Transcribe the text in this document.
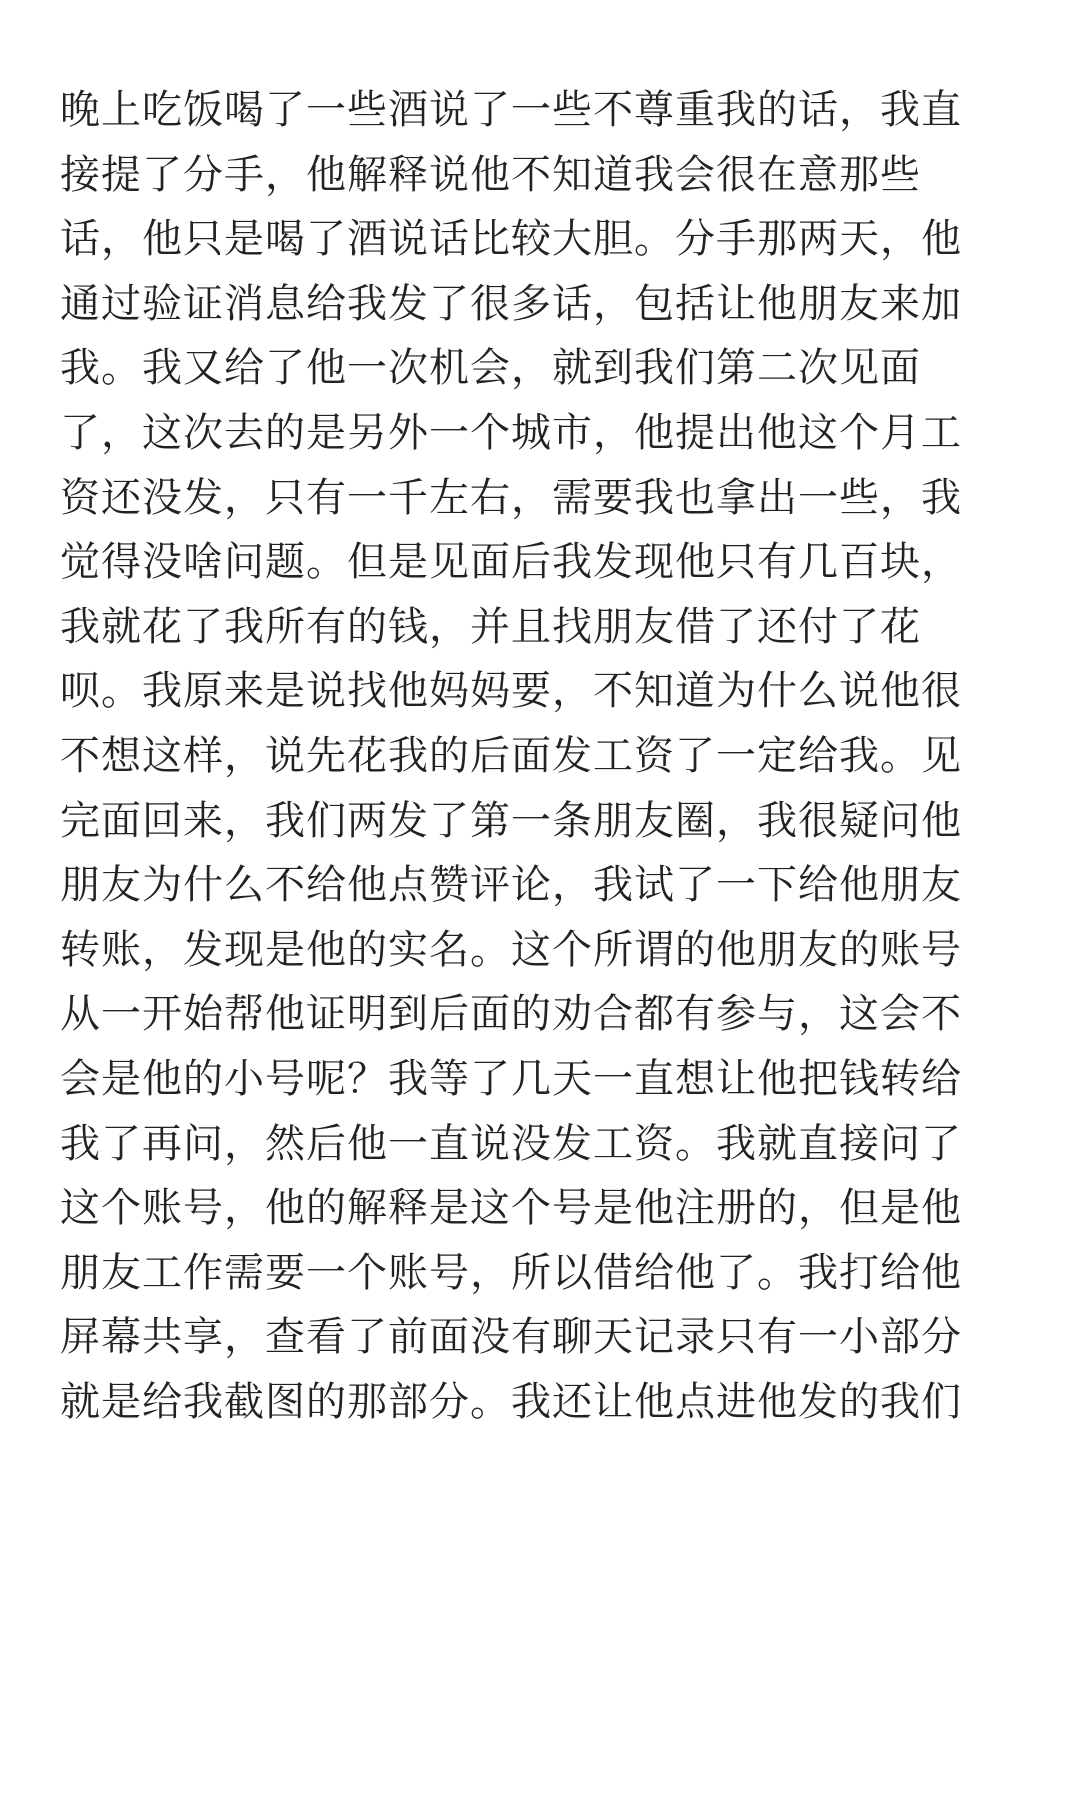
晚上吃饭喝了一些酒说了一些不尊重我的话，我直
接提了分手，他解释说他不知道我会很在意那些
话，他只是喝了酒说话比较大胆。分手那两天，他
通过验证消息给我发了很多话，包括让他朋友来加
我。我又给了他一次机会，就到我们第二次见面
了，这次去的是另外一个城市，他提出他这个月工
资还没发，只有一千左右，需要我也拿出一些，我
觉得没啥问题。但是见面后我发现他只有几百块，
我就花了我所有的钱，并且找朋友借了还付了花
呗。我原来是说找他妈妈要，不知道为什么说他很
不想这样，说先花我的后面发工资了一定给我。见
完面回来，我们两发了第一条朋友圈，我很疑问他
朋友为什么不给他点赞评论，我试了一下给他朋友
转账，发现是他的实名。这个所谓的他朋友的账号
从一开始帮他证明到后面的劝合都有参与，这会不
会是他的小号呢？我等了几天一直想让他把钱转给
我了再问，然后他一直说没发工资。我就直接问了
这个账号，他的解释是这个号是他注册的，但是他
朋友工作需要一个账号，所以借给他了。我打给他
屏幕共享，查看了前面没有聊天记录只有一小部分
就是给我截图的那部分。我还让他点进他发的我们
